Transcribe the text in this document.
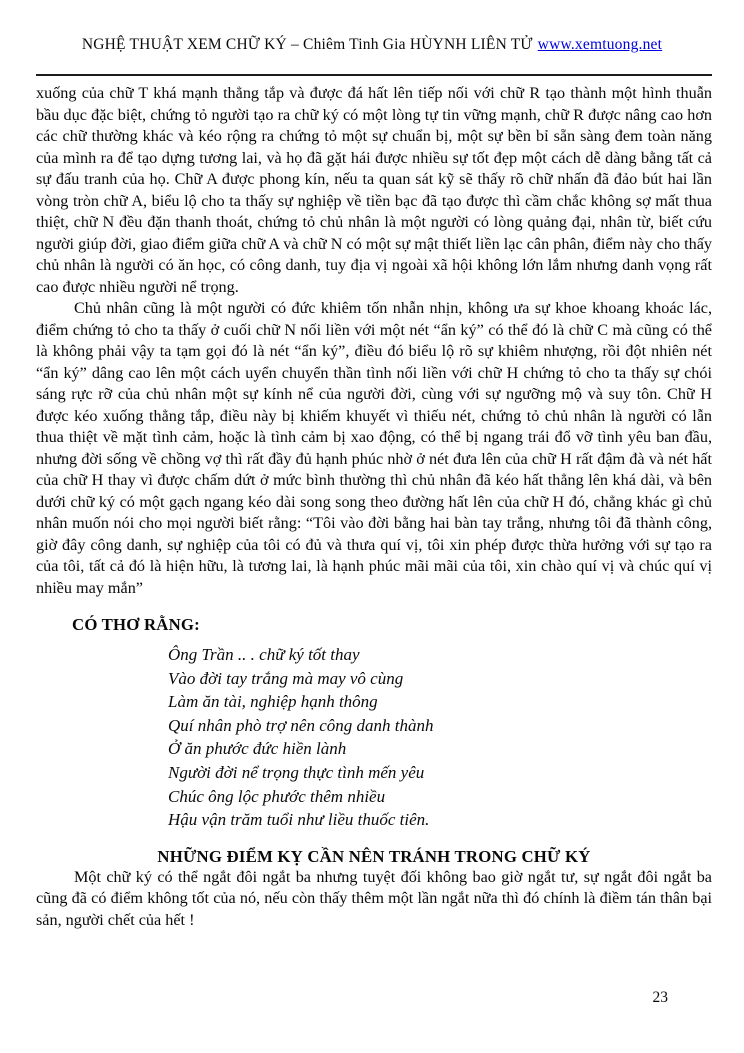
NGHỆ THUẬT XEM CHỮ KÝ – Chiêm Tinh Gia HÙYNH LIÊN TỬ www.xemtuong.net

xuống của chữ T khá mạnh thẳng tắp và được đá hất lên tiếp nối với chữ R tạo thành một hình thuẫn bầu dục đặc biệt, chứng tỏ người tạo ra chữ ký có một lòng tự tin vững mạnh, chữ R được nâng cao hơn các chữ thường khác và kéo rộng ra chứng tỏ một sự chuẩn bị, một sự bền bỉ sẵn sàng đem toàn năng của mình ra để tạo dựng tương lai, và họ đã gặt hái được nhiều sự tốt đẹp một cách dễ dàng bằng tất cả sự đấu tranh của họ. Chữ A được phong kín, nếu ta quan sát kỹ sẽ thấy rõ chữ nhấn đã đảo bút hai lần vòng tròn chữ A, biểu lộ cho ta thấy sự nghiệp về tiền bạc đã tạo được thì cầm chắc không sợ mất thua thiệt, chữ N đều đặn thanh thoát, chứng tỏ chủ nhân là một người có lòng quảng đại, nhân từ, biết cứu người giúp đời, giao điểm giữa chữ A và chữ N có một sự mật thiết liền lạc cân phân, điểm này cho thấy chủ nhân là người có ăn học, có công danh, tuy địa vị ngoài xã hội không lớn lắm nhưng danh vọng rất cao được nhiều người nể trọng.

Chủ nhân cũng là một người có đức khiêm tốn nhẫn nhịn, không ưa sự khoe khoang khoác lác, điểm chứng tỏ cho ta thấy ở cuối chữ N nối liền với một nét “ẩn ký” có thể đó là chữ C mà cũng có thể là không phải vậy ta tạm gọi đó là nét “ẩn ký”, điều đó biểu lộ rõ sự khiêm nhượng, rồi đột nhiên nét “ẩn ký” dâng cao lên một cách uyển chuyển thần tình nối liền với chữ H chứng tỏ cho ta thấy sự chói sáng rực rỡ của chủ nhân một sự kính nể của người đời, cùng với sự ngưỡng mộ và suy tôn. Chữ H được kéo xuống thẳng tắp, điều này bị khiếm khuyết vì thiếu nét, chứng tỏ chủ nhân là người có lẫn thua thiệt về mặt tình cảm, hoặc là tình cảm bị xao động, có thể bị ngang trái đổ vỡ tình yêu ban đầu, nhưng đời sống về chồng vợ thì rất đầy đủ hạnh phúc nhờ ở nét đưa lên của chữ H rất đậm đà và nét hất của chữ H thay vì được chấm dứt ở mức bình thường thì chủ nhân đã kéo hất thẳng lên khá dài, và bên dưới chữ ký có một gạch ngang kéo dài song song theo đường hất lên của chữ H đó, chẳng khác gì chủ nhân muốn nói cho mọi người biết rằng: “Tôi vào đời bằng hai bàn tay trắng, nhưng tôi đã thành công, giờ đây công danh, sự nghiệp của tôi có đủ và thưa quí vị, tôi xin phép được thừa hưởng với sự tạo ra của tôi, tất cả đó là hiện hữu, là tương lai, là hạnh phúc mãi mãi của tôi, xin chào quí vị và chúc quí vị nhiều may mắn”

CÓ THƠ RẰNG:
Ông Trần .. . chữ ký tốt thay
Vào đời tay trắng mà may vô cùng
Làm ăn tài, nghiệp hạnh thông
Quí nhân phò trợ nên công danh thành
Ở ăn phước đức hiền lành
Người đời nể trọng thực tình mến yêu
Chúc ông lộc phước thêm nhiều
Hậu vận trăm tuổi như liều thuốc tiên.
NHỮNG ĐIỂM KỴ CẦN NÊN TRÁNH TRONG CHỮ KÝ

Một chữ ký có thể ngắt đôi ngắt ba nhưng tuyệt đối không bao giờ ngắt tư, sự ngắt đôi ngắt ba cũng đã có điểm không tốt của nó, nếu còn thấy thêm một lần ngắt nữa thì đó chính là điềm tán thân bại sản, người chết của hết !

23
